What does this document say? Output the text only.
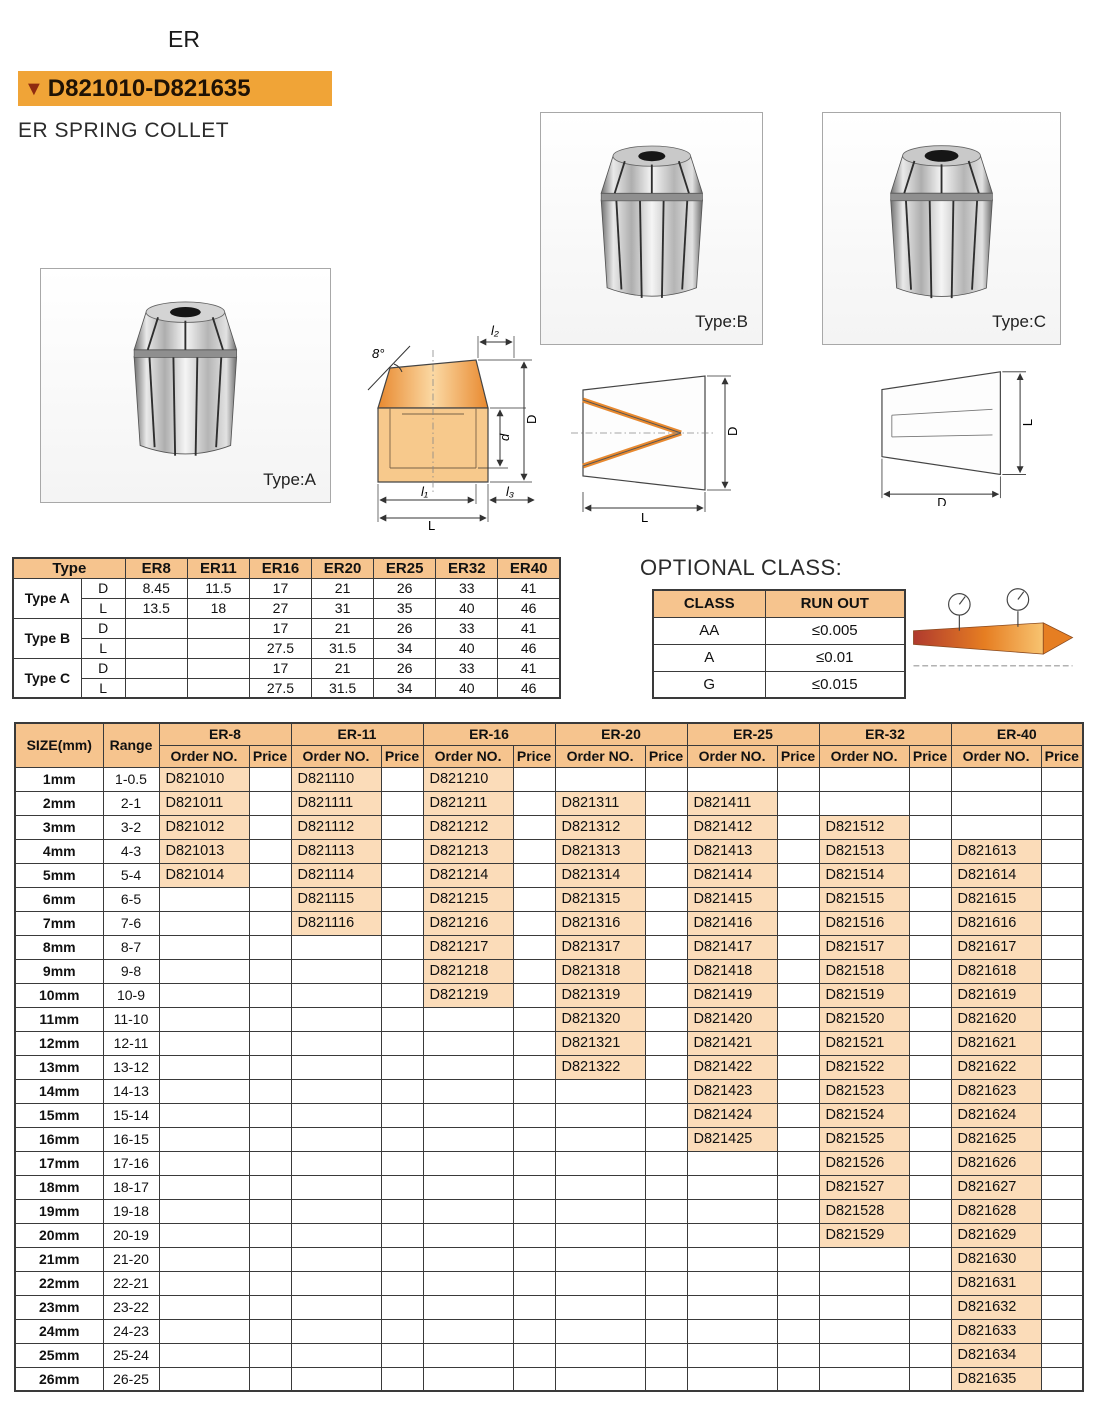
ER
▼ D821010-D821635
ER SPRING COLLET
Type:A
Type:B	Type:C
8°
l₂
d
D
l₁
L
l₃
D
L
L
D
Type		ER8	ER11	ER16	ER20	ER25	ER32	ER40
Type A	D	8.45	11.5	17	21	26	33	41
	L	13.5	18	27	31	35	40	46
Type B	D			17	21	26	33	41
	L			27.5	31.5	34	40	46
Type C	D			17	21	26	33	41
	L			27.5	31.5	34	40	46
OPTIONAL CLASS:
CLASS	RUN OUT
AA	≤0.005
A	≤0.01
G	≤0.015
SIZE(mm)	Range	ER-8		ER-11		ER-16		ER-20		ER-25		ER-32		ER-40	
		Order NO.	Price	Order NO.	Price	Order NO.	Price	Order NO.	Price	Order NO.	Price	Order NO.	Price	Order NO.	Price
1mm	1-0.5	D821010		D821110		D821210									
2mm	2-1	D821011		D821111		D821211		D821311		D821411					
3mm	3-2	D821012		D821112		D821212		D821312		D821412		D821512			
4mm	4-3	D821013		D821113		D821213		D821313		D821413		D821513		D821613	
5mm	5-4	D821014		D821114		D821214		D821314		D821414		D821514		D821614	
6mm	6-5			D821115		D821215		D821315		D821415		D821515		D821615	
7mm	7-6			D821116		D821216		D821316		D821416		D821516		D821616	
8mm	8-7					D821217		D821317		D821417		D821517		D821617	
9mm	9-8					D821218		D821318		D821418		D821518		D821618	
10mm	10-9					D821219		D821319		D821419		D821519		D821619	
11mm	11-10							D821320		D821420		D821520		D821620	
12mm	12-11							D821321		D821421		D821521		D821621	
13mm	13-12							D821322		D821422		D821522		D821622	
14mm	14-13									D821423		D821523		D821623	
15mm	15-14									D821424		D821524		D821624	
16mm	16-15									D821425		D821525		D821625	
17mm	17-16											D821526		D821626	
18mm	18-17											D821527		D821627	
19mm	19-18											D821528		D821628	
20mm	20-19											D821529		D821629	
21mm	21-20													D821630	
22mm	22-21													D821631	
23mm	23-22													D821632	
24mm	24-23													D821633	
25mm	25-24													D821634	
26mm	26-25													D821635	
